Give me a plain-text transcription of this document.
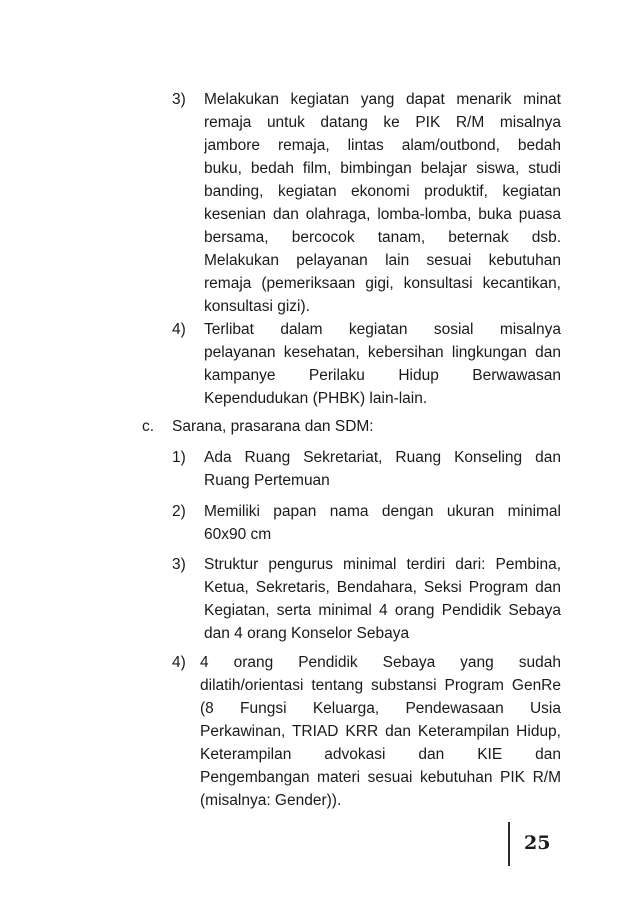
3) Melakukan kegiatan yang dapat menarik minat
remaja untuk datang ke PIK R/M misalnya
jambore remaja, lintas alam/outbond, bedah
buku, bedah film, bimbingan belajar siswa, studi
banding, kegiatan ekonomi produktif, kegiatan
kesenian dan olahraga, lomba-lomba, buka puasa
bersama, bercocok tanam, beternak dsb.
Melakukan pelayanan lain sesuai kebutuhan
remaja (pemeriksaan gigi, konsultasi kecantikan,
konsultasi gizi).
4) Terlibat dalam kegiatan sosial misalnya
pelayanan kesehatan, kebersihan lingkungan dan
kampanye Perilaku Hidup Berwawasan
Kependudukan (PHBK) lain-lain.
c. Sarana, prasarana dan SDM:
1) Ada Ruang Sekretariat, Ruang Konseling dan
Ruang Pertemuan
2) Memiliki papan nama dengan ukuran minimal
60x90 cm
3) Struktur pengurus minimal terdiri dari: Pembina,
Ketua, Sekretaris, Bendahara, Seksi Program dan
Kegiatan, serta minimal 4 orang Pendidik Sebaya
dan 4 orang Konselor Sebaya
4) 4 orang Pendidik Sebaya yang sudah
dilatih/orientasi tentang substansi Program GenRe
(8 Fungsi Keluarga, Pendewasaan Usia
Perkawinan, TRIAD KRR dan Keterampilan Hidup,
Keterampilan advokasi dan KIE dan
Pengembangan materi sesuai kebutuhan PIK R/M
(misalnya: Gender)).
25
